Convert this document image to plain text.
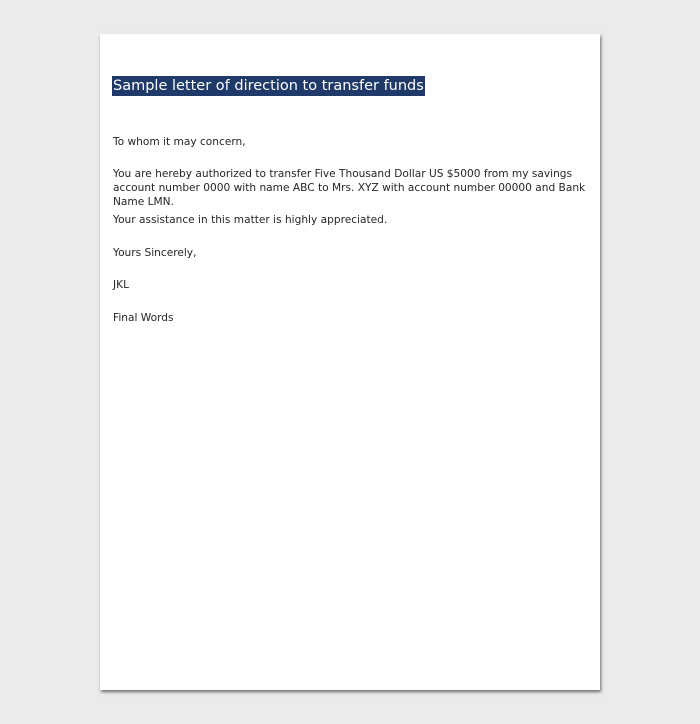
Sample letter of direction to transfer funds

To whom it may concern,

You are hereby authorized to transfer Five Thousand Dollar US $5000 from my savings account number 0000 with name ABC to Mrs. XYZ with account number 00000 and Bank Name LMN.

Your assistance in this matter is highly appreciated.

Yours Sincerely,

JKL

Final Words
